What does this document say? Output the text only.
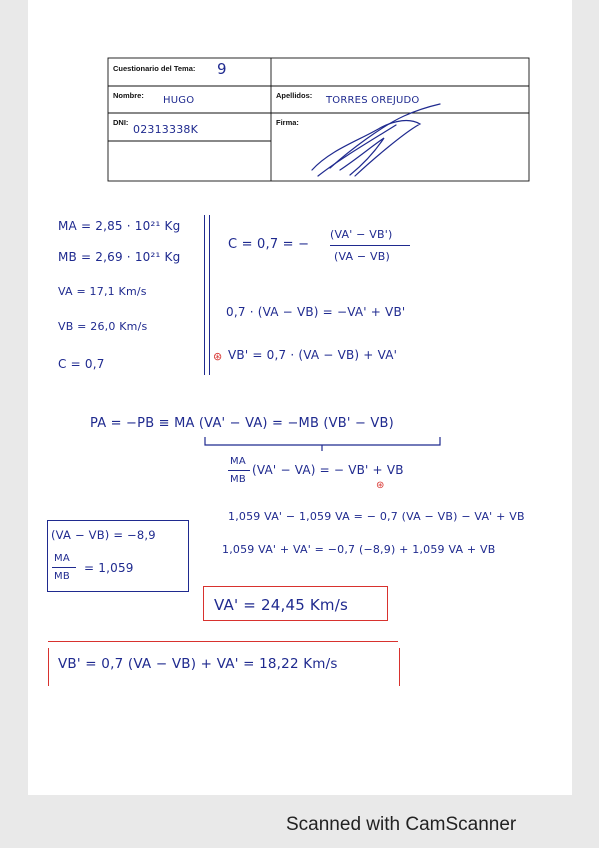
Cuestionario del Tema: 9
Nombre: HUGO	Apellidos: TORRES OREJUDO
DNI:
02313338K
Firma:
MA = 2,85 · 10²¹ Kg
MB = 2,69 · 10²¹ Kg
VA = 17,1 Km/s
VB = 26,0 Km/s
C = 0,7
C = 0,7 = −
(VA' − VB')
(VA − VB)
0,7 · (VA − VB) = −VA' + VB'
⊛ VB' = 0,7 · (VA − VB) + VA'
PA = −PB ≡ MA (VA' − VA) = −MB (VB' − VB)
MA
MB
(VA' − VA) = − VB' + VB
⊛
1,059 VA' − 1,059 VA = − 0,7 (VA − VB) − VA' + VB
1,059 VA' + VA' = −0,7 (−8,9) + 1,059 VA + VB
(VA − VB) = −8,9
MA
MB
= 1,059
VA' = 24,45 Km/s
VB' = 0,7 (VA − VB) + VA' = 18,22 Km/s
Scanned with CamScanner
